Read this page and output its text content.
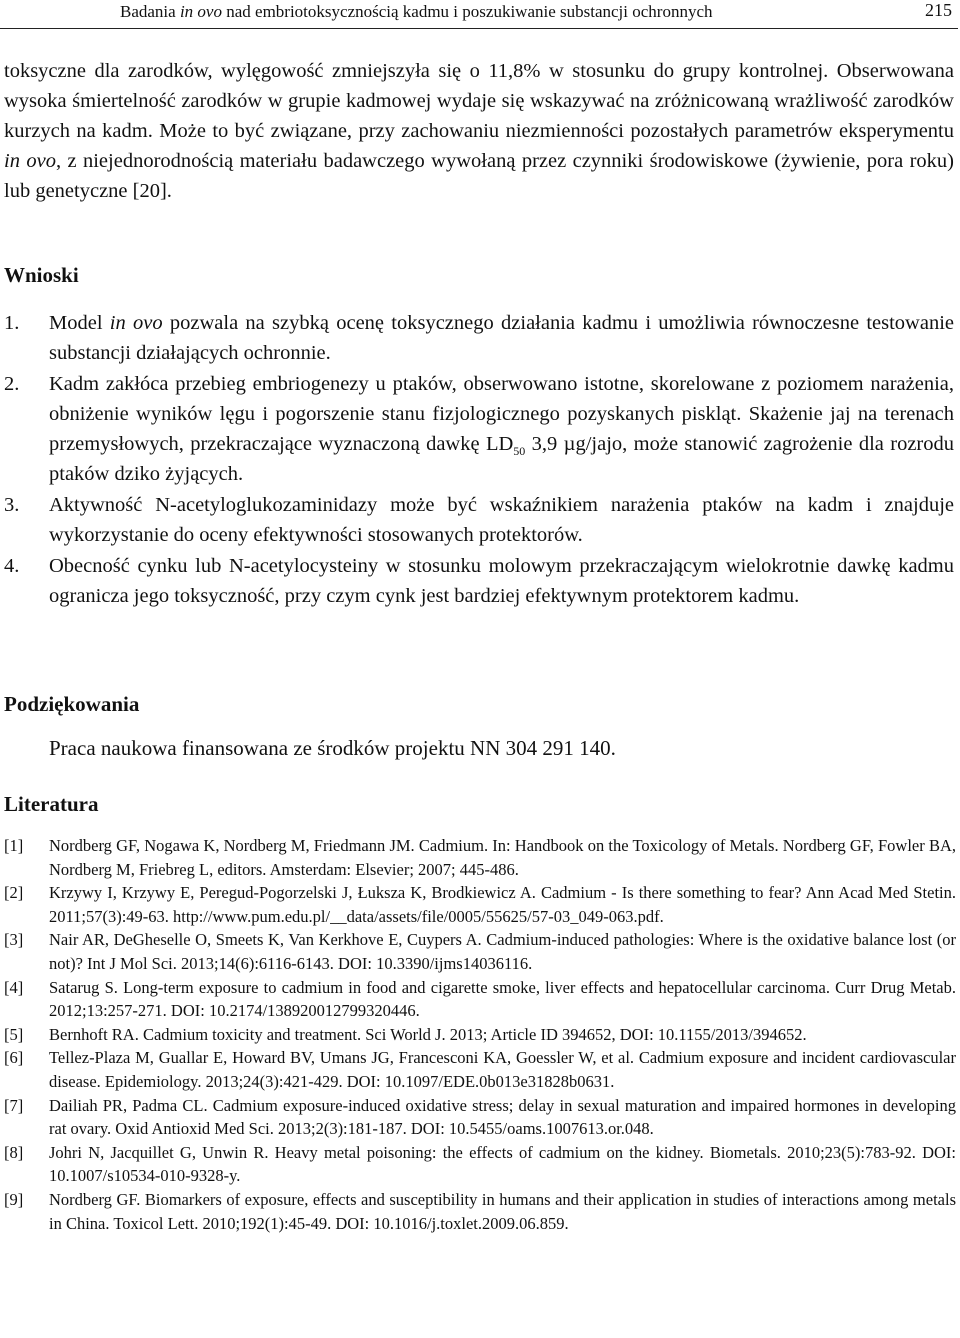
Badania in ovo nad embriotoksycznością kadmu i poszukiwanie substancji ochronnych	215
toksyczne dla zarodków, wylęgowość zmniejszyła się o 11,8% w stosunku do grupy kontrolnej. Obserwowana wysoka śmiertelność zarodków w grupie kadmowej wydaje się wskazywać na zróżnicowaną wrażliwość zarodków kurzych na kadm. Może to być związane, przy zachowaniu niezmienności pozostałych parametrów eksperymentu in ovo, z niejednorodnością materiału badawczego wywołaną przez czynniki środowiskowe (żywienie, pora roku) lub genetyczne [20].
Wnioski
1. Model in ovo pozwala na szybką ocenę toksycznego działania kadmu i umożliwia równoczesne testowanie substancji działających ochronnie.
2. Kadm zakłóca przebieg embriogenezy u ptaków, obserwowano istotne, skorelowane z poziomem narażenia, obniżenie wyników lęgu i pogorszenie stanu fizjologicznego pozyskanych piskląt. Skażenie jaj na terenach przemysłowych, przekraczające wyznaczoną dawkę $LD_{50}$ 3,9 µg/jajo, może stanowić zagrożenie dla rozrodu ptaków dziko żyjących.
3. Aktywność N-acetyloglukozaminidazy może być wskaźnikiem narażenia ptaków na kadm i znajduje wykorzystanie do oceny efektywności stosowanych protektorów.
4. Obecność cynku lub N-acetylocysteiny w stosunku molowym przekraczającym wielokrotnie dawkę kadmu ogranicza jego toksyczność, przy czym cynk jest bardziej efektywnym protektorem kadmu.
Podziękowania
Praca naukowa finansowana ze środków projektu NN 304 291 140.
Literatura
[1] Nordberg GF, Nogawa K, Nordberg M, Friedmann JM. Cadmium. In: Handbook on the Toxicology of Metals. Nordberg GF, Fowler BA, Nordberg M, Friebreg L, editors. Amsterdam: Elsevier; 2007; 445-486.
[2] Krzywy I, Krzywy E, Peregud-Pogorzelski J, Łuksza K, Brodkiewicz A. Cadmium - Is there something to fear? Ann Acad Med Stetin. 2011;57(3):49-63. http://www.pum.edu.pl/__data/assets/file/0005/55625/57-03_049-063.pdf.
[3] Nair AR, DeGheselle O, Smeets K, Van Kerkhove E, Cuypers A. Cadmium-induced pathologies: Where is the oxidative balance lost (or not)? Int J Mol Sci. 2013;14(6):6116-6143. DOI: 10.3390/ijms14036116.
[4] Satarug S. Long-term exposure to cadmium in food and cigarette smoke, liver effects and hepatocellular carcinoma. Curr Drug Metab. 2012;13:257-271. DOI: 10.2174/138920012799320446.
[5] Bernhoft RA. Cadmium toxicity and treatment. Sci World J. 2013; Article ID 394652, DOI: 10.1155/2013/394652.
[6] Tellez-Plaza M, Guallar E, Howard BV, Umans JG, Francesconi KA, Goessler W, et al. Cadmium exposure and incident cardiovascular disease. Epidemiology. 2013;24(3):421-429. DOI: 10.1097/EDE.0b013e31828b0631.
[7] Dailiah PR, Padma CL. Cadmium exposure-induced oxidative stress; delay in sexual maturation and impaired hormones in developing rat ovary. Oxid Antioxid Med Sci. 2013;2(3):181-187. DOI: 10.5455/oams.1007613.or.048.
[8] Johri N, Jacquillet G, Unwin R. Heavy metal poisoning: the effects of cadmium on the kidney. Biometals. 2010;23(5):783-92. DOI: 10.1007/s10534-010-9328-y.
[9] Nordberg GF. Biomarkers of exposure, effects and susceptibility in humans and their application in studies of interactions among metals in China. Toxicol Lett. 2010;192(1):45-49. DOI: 10.1016/j.toxlet.2009.06.859.
